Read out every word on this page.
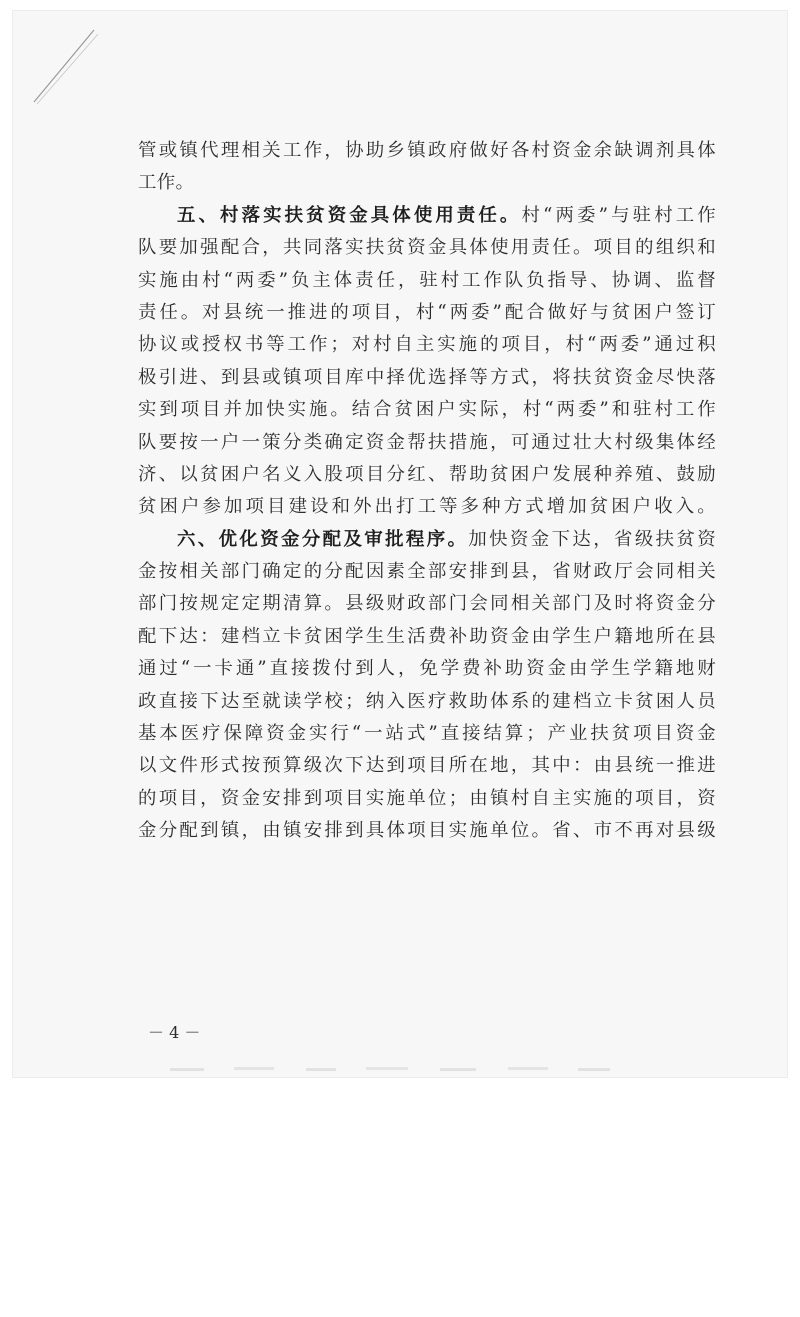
管或镇代理相关工作，协助乡镇政府做好各村资金余缺调剂具体
工作。
五、村落实扶贫资金具体使用责任。村“两委”与驻村工作
队要加强配合，共同落实扶贫资金具体使用责任。项目的组织和
实施由村“两委”负主体责任，驻村工作队负指导、协调、监督
责任。对县统一推进的项目，村“两委”配合做好与贫困户签订
协议或授权书等工作；对村自主实施的项目，村“两委”通过积
极引进、到县或镇项目库中择优选择等方式，将扶贫资金尽快落
实到项目并加快实施。结合贫困户实际，村“两委”和驻村工作
队要按一户一策分类确定资金帮扶措施，可通过壮大村级集体经
济、以贫困户名义入股项目分红、帮助贫困户发展种养殖、鼓励
贫困户参加项目建设和外出打工等多种方式增加贫困户收入。
六、优化资金分配及审批程序。加快资金下达，省级扶贫资
金按相关部门确定的分配因素全部安排到县，省财政厅会同相关
部门按规定定期清算。县级财政部门会同相关部门及时将资金分
配下达：建档立卡贫困学生生活费补助资金由学生户籍地所在县
通过“一卡通”直接拨付到人，免学费补助资金由学生学籍地财
政直接下达至就读学校；纳入医疗救助体系的建档立卡贫困人员
基本医疗保障资金实行“一站式”直接结算；产业扶贫项目资金
以文件形式按预算级次下达到项目所在地，其中：由县统一推进
的项目，资金安排到项目实施单位；由镇村自主实施的项目，资
金分配到镇，由镇安排到具体项目实施单位。省、市不再对县级
－ 4 －
